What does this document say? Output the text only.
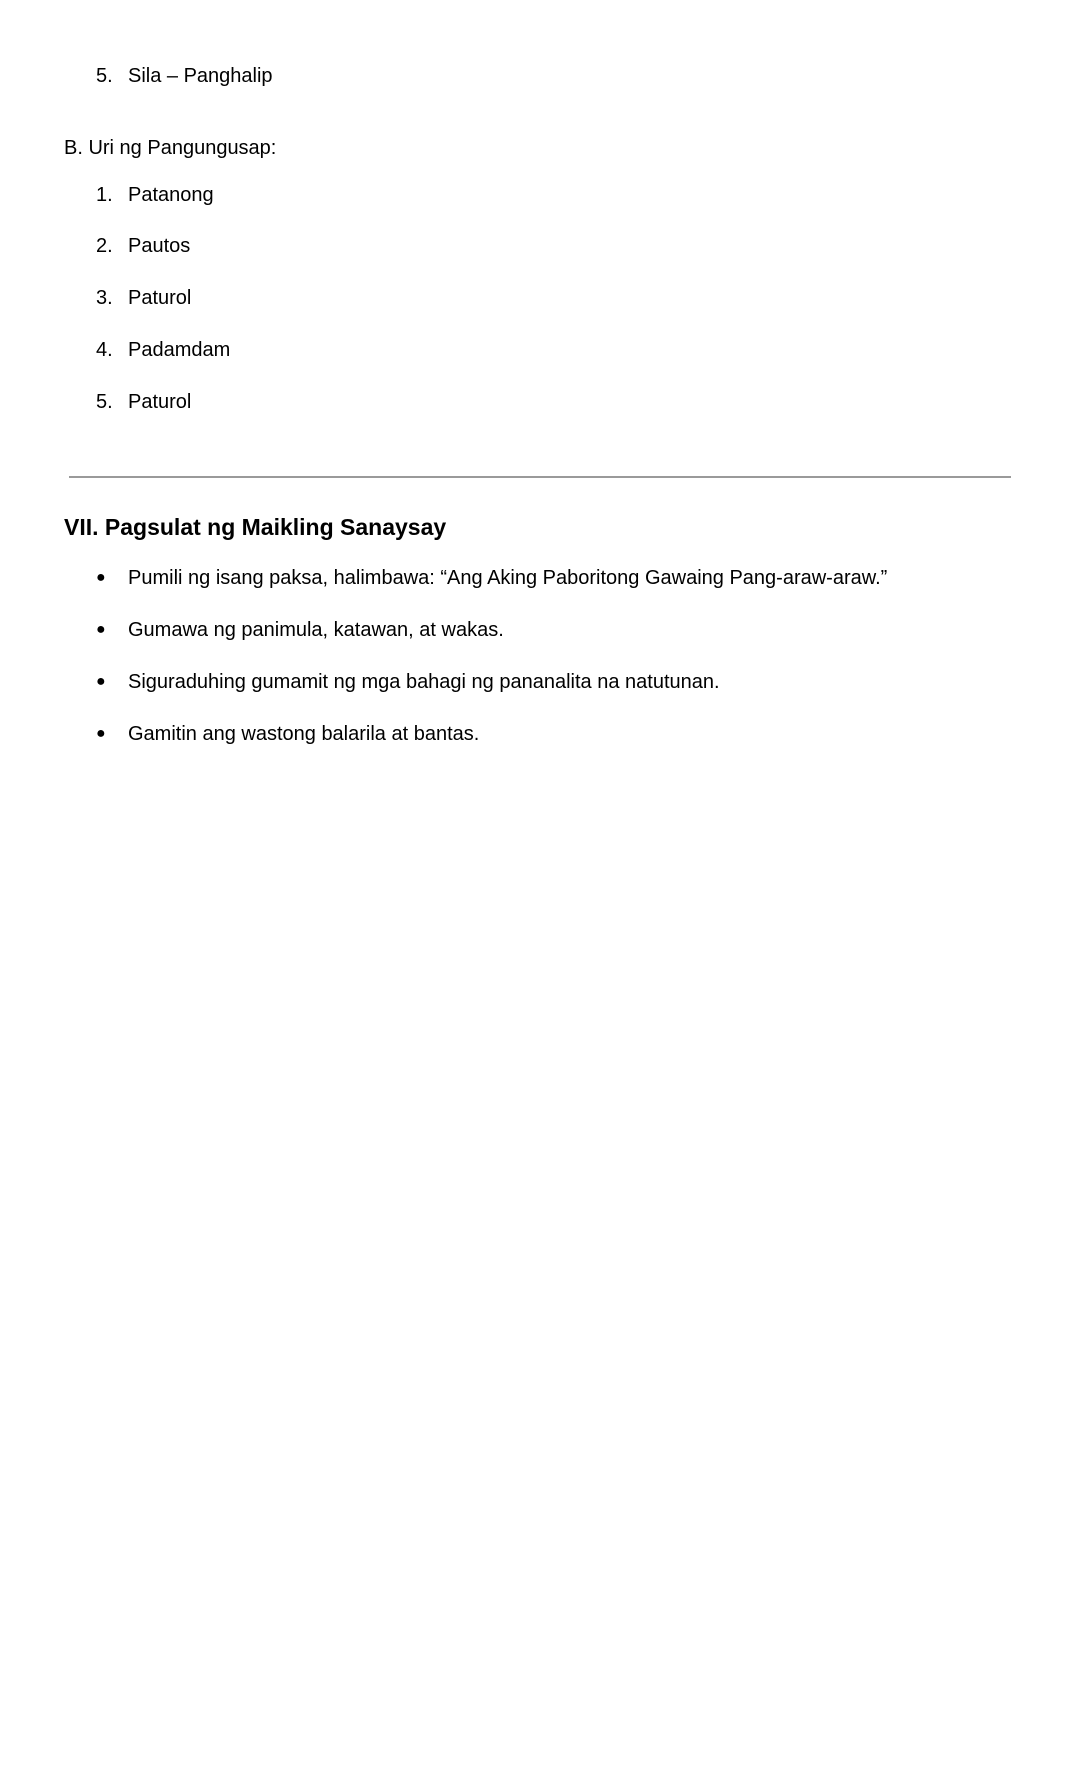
5. Sila – Panghalip
B. Uri ng Pangungusap:
1. Patanong
2. Pautos
3. Paturol
4. Padamdam
5. Paturol
VII. Pagsulat ng Maikling Sanaysay
● Pumili ng isang paksa, halimbawa: “Ang Aking Paboritong Gawaing Pang-araw-araw.”
● Gumawa ng panimula, katawan, at wakas.
● Siguraduhing gumamit ng mga bahagi ng pananalita na natutunan.
● Gamitin ang wastong balarila at bantas.
